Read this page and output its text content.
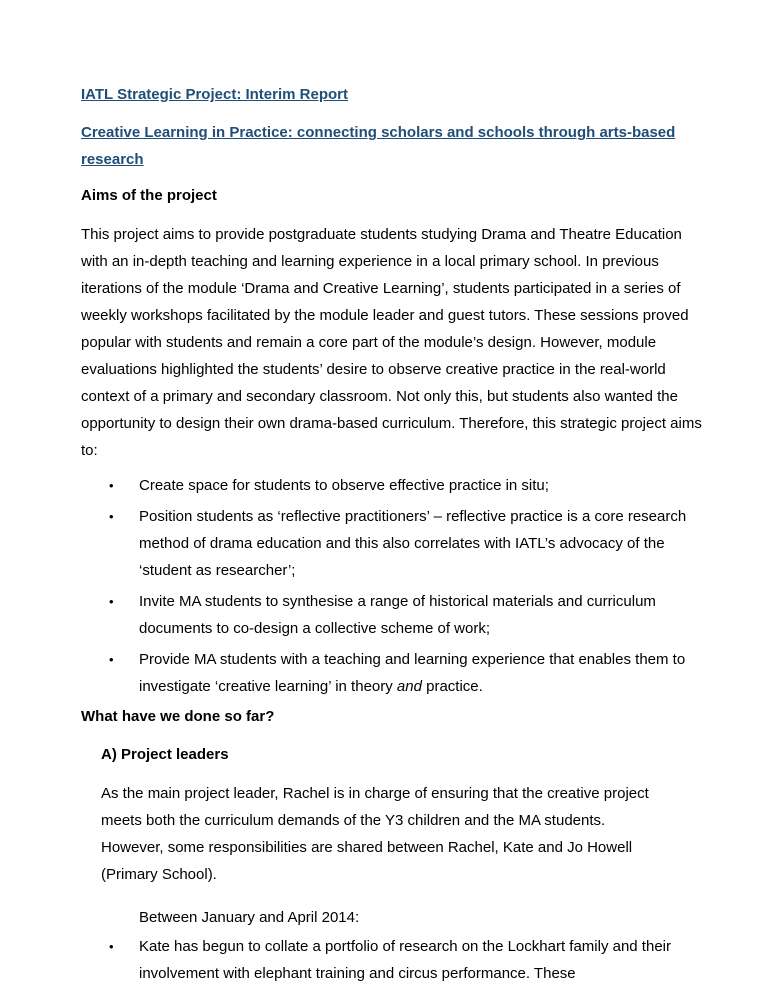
IATL Strategic Project: Interim Report

Creative Learning in Practice: connecting scholars and schools through arts-based research

Aims of the project

This project aims to provide postgraduate students studying Drama and Theatre Education with an in-depth teaching and learning experience in a local primary school. In previous iterations of the module ‘Drama and Creative Learning’, students participated in a series of weekly workshops facilitated by the module leader and guest tutors. These sessions proved popular with students and remain a core part of the module’s design. However, module evaluations highlighted the students’ desire to observe creative practice in the real-world context of a primary and secondary classroom. Not only this, but students also wanted the opportunity to design their own drama-based curriculum. Therefore, this strategic project aims to:

• Create space for students to observe effective practice in situ;
• Position students as ‘reflective practitioners’ – reflective practice is a core research method of drama education and this also correlates with IATL’s advocacy of the ‘student as researcher’;
• Invite MA students to synthesise a range of historical materials and curriculum documents to co-design a collective scheme of work;
• Provide MA students with a teaching and learning experience that enables them to investigate ‘creative learning’ in theory and practice.

What have we done so far?

A) Project leaders

As the main project leader, Rachel is in charge of ensuring that the creative project meets both the curriculum demands of the Y3 children and the MA students. However, some responsibilities are shared between Rachel, Kate and Jo Howell (Primary School).

Between January and April 2014:

• Kate has begun to collate a portfolio of research on the Lockhart family and their involvement with elephant training and circus performance. These
